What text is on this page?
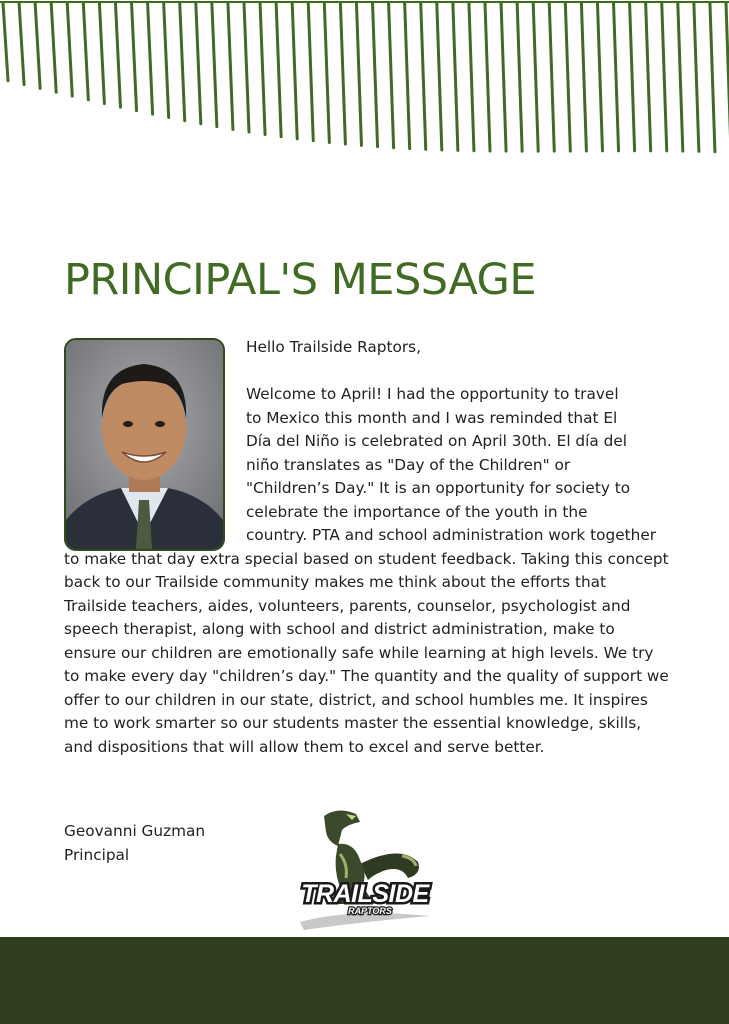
PRINCIPAL'S MESSAGE

Hello Trailside Raptors,

Welcome to April! I had the opportunity to travel
to Mexico this month and I was reminded that El
Día del Niño is celebrated on April 30th. El día del
niño translates as "Day of the Children" or
"Children’s Day." It is an opportunity for society to
celebrate the importance of the youth in the
country. PTA and school administration work together to make that day extra special based on student feedback. Taking this concept back to our Trailside community makes me think about the efforts that Trailside teachers, aides, volunteers, parents, counselor, psychologist and speech therapist, along with school and district administration, make to ensure our children are emotionally safe while learning at high levels. We try to make every day "children’s day." The quantity and the quality of support we offer to our children in our state, district, and school humbles me. It inspires me to work smarter so our students master the essential knowledge, skills, and dispositions that will allow them to excel and serve better.

Geovanni Guzman
Principal
TRAILSIDE
RAPTORS
